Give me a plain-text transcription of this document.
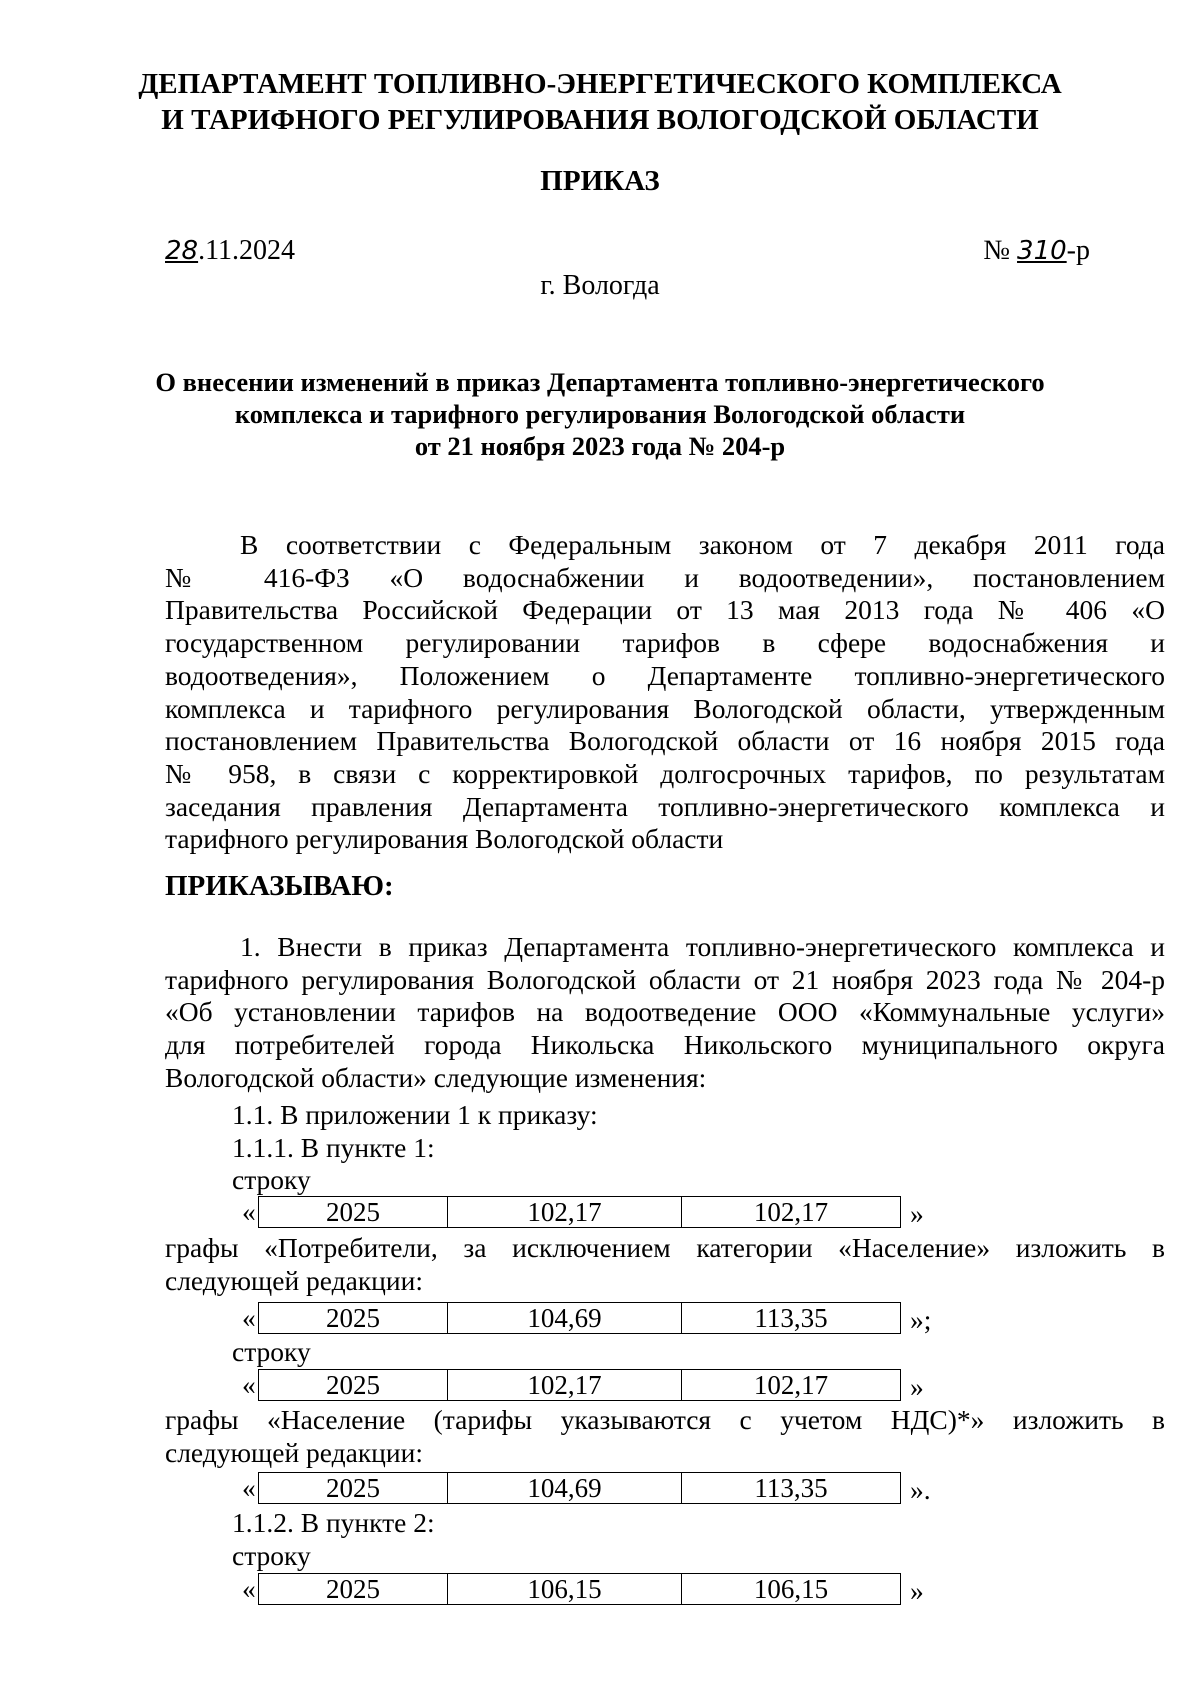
ДЕПАРТАМЕНТ ТОПЛИВНО-ЭНЕРГЕТИЧЕСКОГО КОМПЛЕКСА
И ТАРИФНОГО РЕГУЛИРОВАНИЯ ВОЛОГОДСКОЙ ОБЛАСТИ
ПРИКАЗ
28.11.2024	№ 310-р
г. Вологда
О внесении изменений в приказ Департамента топливно-энергетического
комплекса и тарифного регулирования Вологодской области
от 21 ноября 2023 года № 204-р
В соответствии с Федеральным законом от 7 декабря 2011 года
№ 416-ФЗ «О водоснабжении и водоотведении», постановлением
Правительства Российской Федерации от 13 мая 2013 года № 406 «О
государственном регулировании тарифов в сфере водоснабжения и
водоотведения», Положением о Департаменте топливно-энергетического
комплекса и тарифного регулирования Вологодской области, утвержденным
постановлением Правительства Вологодской области от 16 ноября 2015 года
№ 958, в связи с корректировкой долгосрочных тарифов, по результатам
заседания правления Департамента топливно-энергетического комплекса и
тарифного регулирования Вологодской области
ПРИКАЗЫВАЮ:
1. Внести в приказ Департамента топливно-энергетического комплекса и
тарифного регулирования Вологодской области от 21 ноября 2023 года № 204-р
«Об установлении тарифов на водоотведение ООО «Коммунальные услуги»
для потребителей города Никольска Никольского муниципального округа
Вологодской области» следующие изменения:
1.1. В приложении 1 к приказу:
1.1.1. В пункте 1:
строку
2025	102,17	102,17
«	»
графы «Потребители, за исключением категории «Население» изложить в
следующей редакции:
2025	104,69	113,35
«	»;
строку
2025	102,17	102,17
«	»
графы «Население (тарифы указываются с учетом НДС)*» изложить в
следующей редакции:
2025	104,69	113,35
«	».
1.1.2. В пункте 2:
строку
2025	106,15	106,15
«	»
